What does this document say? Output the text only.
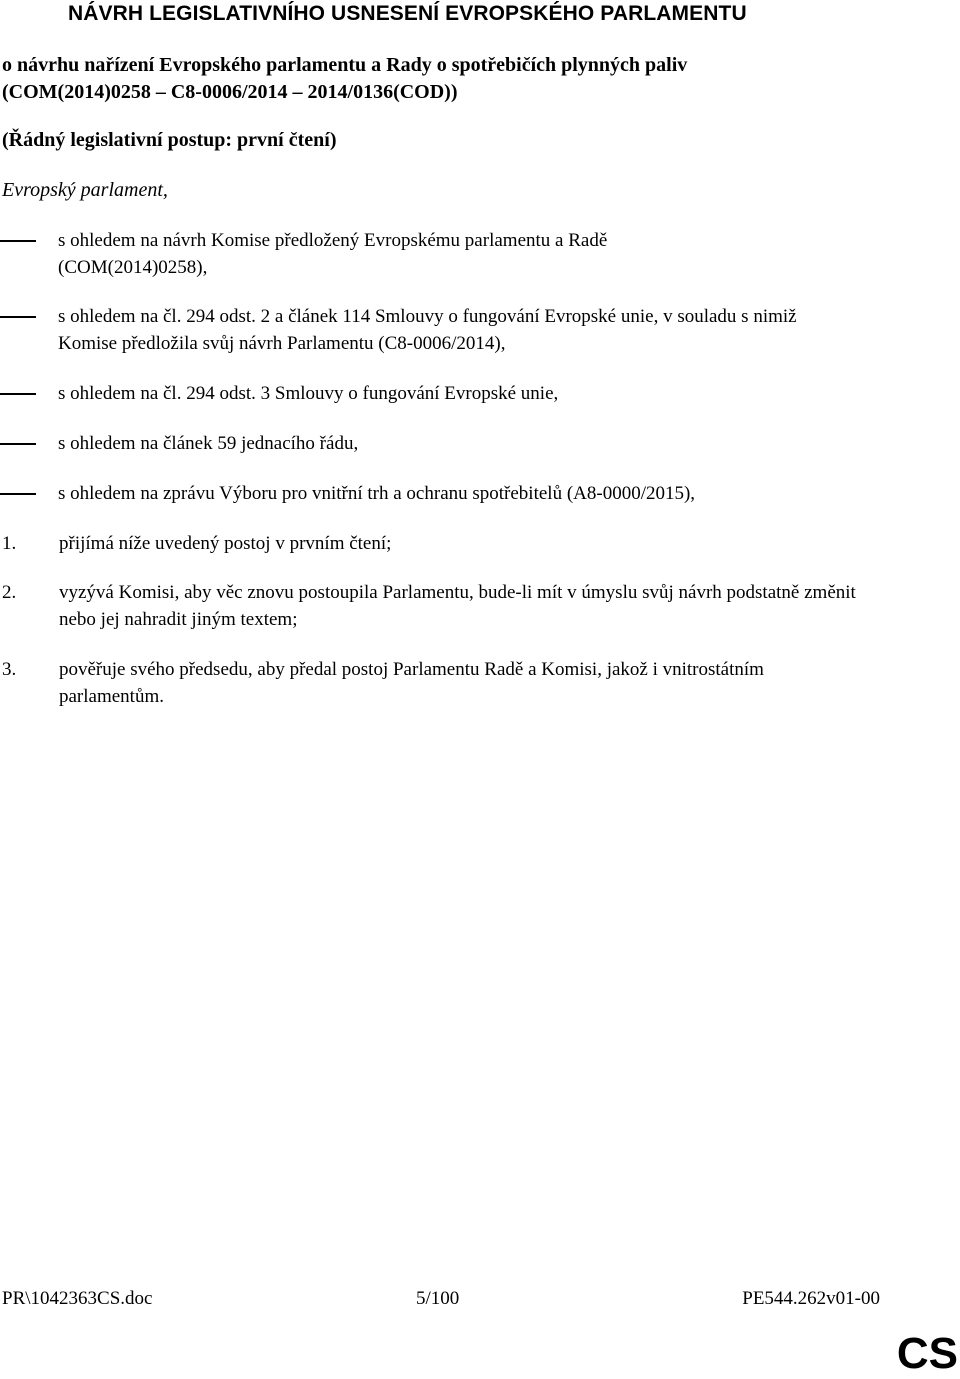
NÁVRH LEGISLATIVNÍHO USNESENÍ EVROPSKÉHO PARLAMENTU
o návrhu nařízení Evropského parlamentu a Rady o spotřebičích plynných paliv
(COM(2014)0258 – C8-0006/2014 – 2014/0136(COD))
(Řádný legislativní postup: první čtení)
Evropský parlament,
s ohledem na návrh Komise předložený Evropskému parlamentu a Radě (COM(2014)0258),
s ohledem na čl. 294 odst. 2 a článek 114 Smlouvy o fungování Evropské unie, v souladu s nimiž Komise předložila svůj návrh Parlamentu (C8-0006/2014),
s ohledem na čl. 294 odst. 3 Smlouvy o fungování Evropské unie,
s ohledem na článek 59 jednacího řádu,
s ohledem na zprávu Výboru pro vnitřní trh a ochranu spotřebitelů (A8-0000/2015),
1. přijímá níže uvedený postoj v prvním čtení;
2. vyzývá Komisi, aby věc znovu postoupila Parlamentu, bude-li mít v úmyslu svůj návrh podstatně změnit nebo jej nahradit jiným textem;
3. pověřuje svého předsedu, aby předal postoj Parlamentu Radě a Komisi, jakož i vnitrostátním parlamentům.
PR\1042363CS.doc	5/100	PE544.262v01-00
CS
